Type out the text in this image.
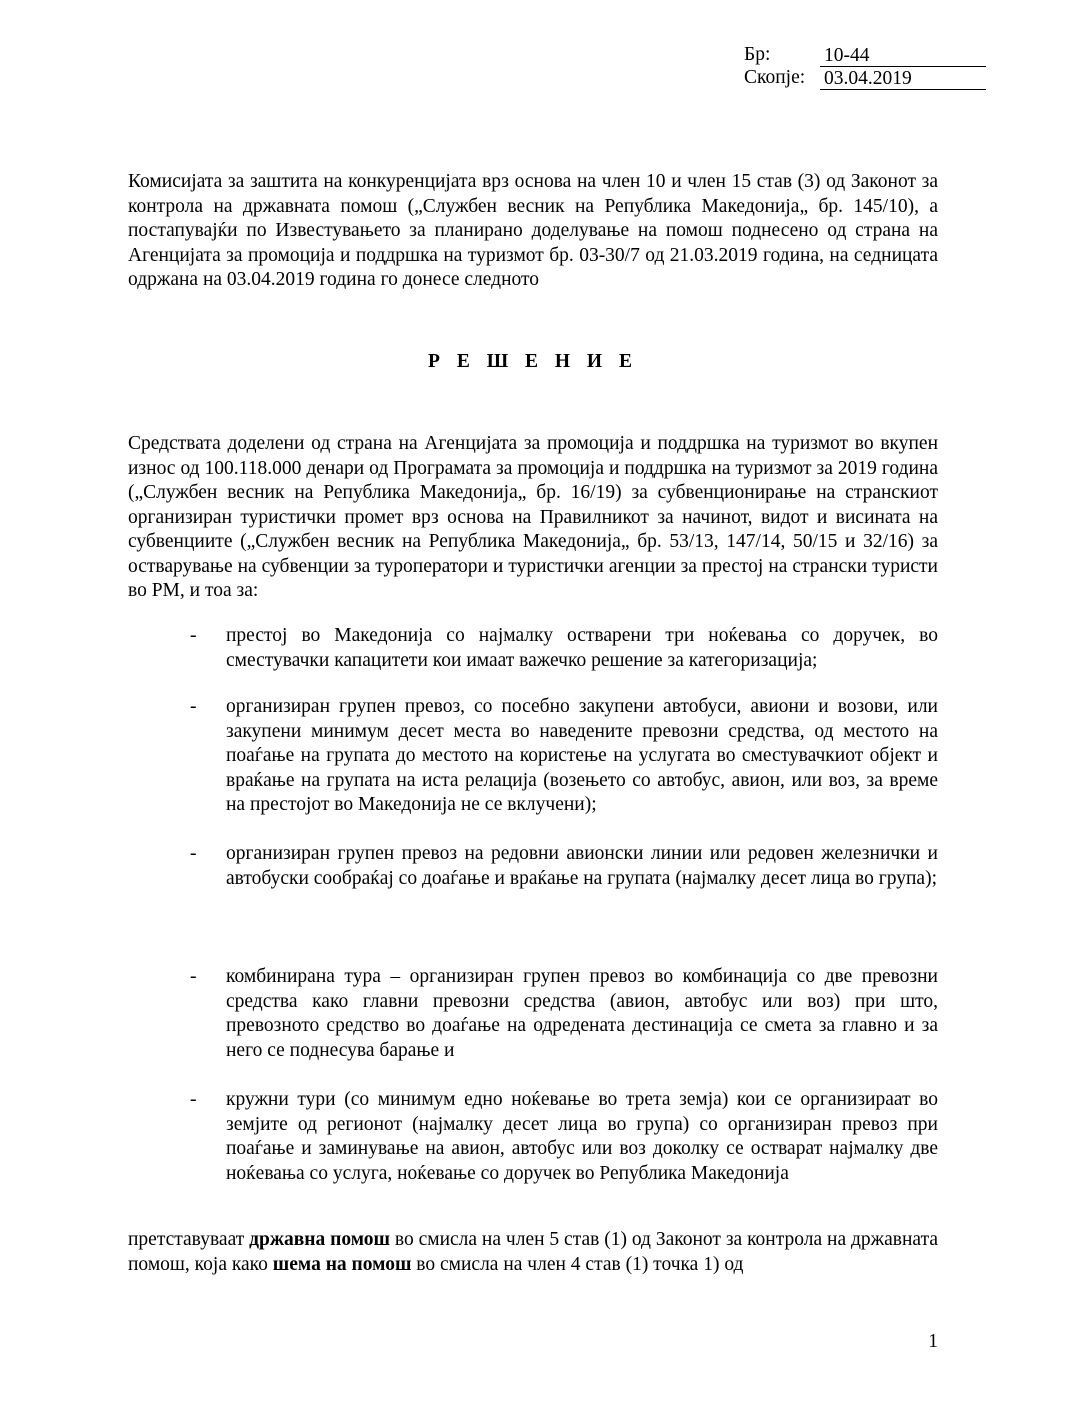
Бр:	10-44
Скопје: 03.04.2019

Комисијата за заштита на конкуренцијата врз основа на член 10 и член 15 став (3) од Законот за контрола на државната помош („Службен весник на Република Македонија„ бр. 145/10), а постапувајќи по Известувањето за планирано доделување на помош поднесено од страна на Агенцијата за промоција и поддршка на туризмот бр. 03-30/7 од 21.03.2019 година, на седницата одржана на 03.04.2019 година го донесе следното

Р Е Ш Е Н И Е

Средствата доделени од страна на Агенцијата за промоција и поддршка на туризмот во вкупен износ од 100.118.000 денари од Програмата за промоција и поддршка на туризмот за 2019 година („Службен весник на Република Македонија„ бр. 16/19) за субвенционирање на странскиот организиран туристички промет врз основа на Правилникот за начинот, видот и висината на субвенциите („Службен весник на Република Македонија„ бр. 53/13, 147/14, 50/15 и 32/16) за остварување на субвенции за туроператори и туристички агенции за престој на странски туристи во РМ, и тоа за:

-	престој во Македонија со најмалку остварени три ноќевања со доручек, во сместувачки капацитети кои имаат важечко решение за категоризација;
-	организиран групен превоз, со посебно закупени автобуси, авиони и возови, или закупени минимум десет места во наведените превозни средства, од местото на поаѓање на групата до местото на користење на услугата во сместувачкиот објект и враќање на групата на иста релација (возењето со автобус, авион, или воз, за време на престојот во Македонија не се вклучени);
-	организиран групен превоз на редовни авионски линии или редовен железнички и автобуски сообраќај со доаѓање и враќање на групата (најмалку десет лица во група);
-	комбинирана тура – организиран групен превоз во комбинација со две превозни средства како главни превозни средства (авион, автобус или воз) при што, превозното средство во доаѓање на одредената дестинација се смета за главно и за него се поднесува барање и
-	кружни тури (со минимум едно ноќевање во трета земја) кои се организираат во земјите од регионот (најмалку десет лица во група) со организиран превоз при поаѓање и заминување на авион, автобус или воз доколку се остварат најмалку две ноќевања со услуга, ноќевање со доручек во Република Македонија

претставуваат државна помош во смисла на член 5 став (1) од Законот за контрола на државната помош, која како шема на помош во смисла на член 4 став (1) точка 1) од

1
